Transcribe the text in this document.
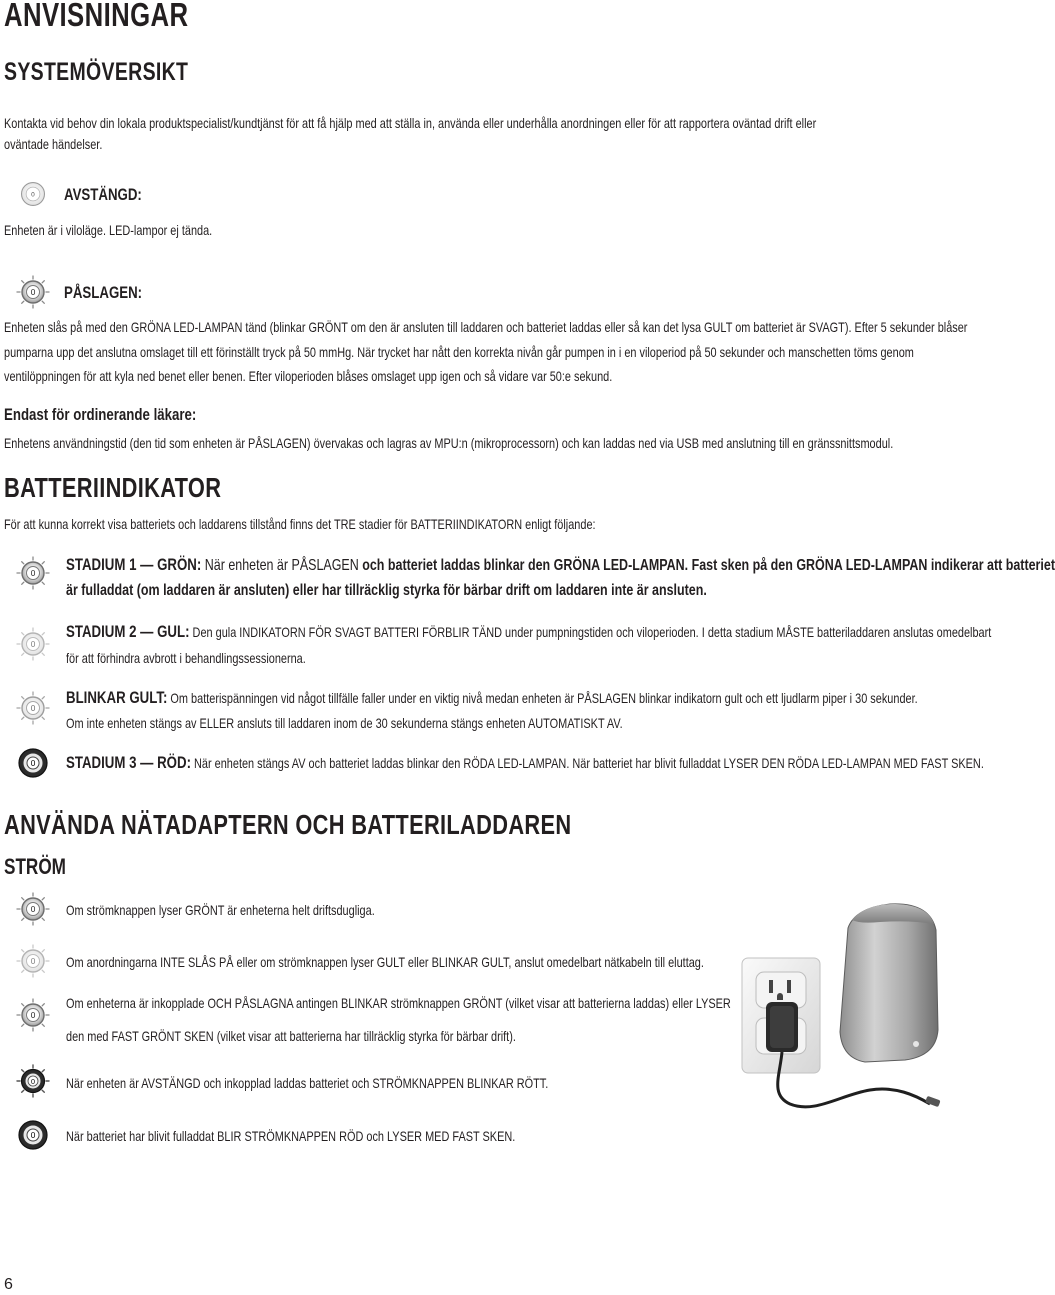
ANVISNINGAR
SYSTEMÖVERSIKT
Kontakta vid behov din lokala produktspecialist/kundtjänst för att få hjälp med att ställa in, använda eller underhålla anordningen eller för att rapportera oväntad drift eller
oväntade händelser.
0 AVSTÄNGD:
Enheten är i viloläge. LED-lampor ej tända.
0 PÅSLAGEN:
Enheten slås på med den GRÖNA LED-LAMPAN tänd (blinkar GRÖNT om den är ansluten till laddaren och batteriet laddas eller så kan det lysa GULT om batteriet är SVAGT). Efter 5 sekunder blåser
pumparna upp det anslutna omslaget till ett förinställt tryck på 50 mmHg. När trycket har nått den korrekta nivån går pumpen in i en viloperiod på 50 sekunder och manschetten töms genom
ventilöppningen för att kyla ned benet eller benen. Efter viloperioden blåses omslaget upp igen och så vidare var 50:e sekund.
Endast för ordinerande läkare:
Enhetens användningstid (den tid som enheten är PÅSLAGEN) övervakas och lagras av MPU:n (mikroprocessorn) och kan laddas ned via USB med anslutning till en gränssnittsmodul.
BATTERIINDIKATOR
För att kunna korrekt visa batteriets och laddarens tillstånd finns det TRE stadier för BATTERIINDIKATORN enligt följande:
0 STADIUM 1 — GRÖN: När enheten är PÅSLAGEN och batteriet laddas blinkar den GRÖNA LED-LAMPAN. Fast sken på den GRÖNA LED-LAMPAN indikerar att batteriet
är fulladdat (om laddaren är ansluten) eller har tillräcklig styrka för bärbar drift om laddaren inte är ansluten.
0
STADIUM 2 — GUL: Den gula INDIKATORN FÖR SVAGT BATTERI FÖRBLIR TÄND under pumpningstiden och viloperioden. I detta stadium MÅSTE batteriladdaren anslutas omedelbart
för att förhindra avbrott i behandlingssessionerna.
0
BLINKAR GULT: Om batterispänningen vid något tillfälle faller under en viktig nivå medan enheten är PÅSLAGEN blinkar indikatorn gult och ett ljudlarm piper i 30 sekunder.
Om inte enheten stängs av ELLER ansluts till laddaren inom de 30 sekunderna stängs enheten AUTOMATISKT AV.
0 STADIUM 3 — RÖD: När enheten stängs AV och batteriet laddas blinkar den RÖDA LED-LAMPAN. När batteriet har blivit fulladdat LYSER DEN RÖDA LED-LAMPAN MED FAST SKEN.
ANVÄNDA NÄTADAPTERN OCH BATTERILADDAREN
STRÖM
0 Om strömknappen lyser GRÖNT är enheterna helt driftsdugliga.
0 Om anordningarna INTE SLÅS PÅ eller om strömknappen lyser GULT eller BLINKAR GULT, anslut omedelbart nätkabeln till eluttag.
0
Om enheterna är inkopplade OCH PÅSLAGNA antingen BLINKAR strömknappen GRÖNT (vilket visar att batterierna laddas) eller LYSER
den med FAST GRÖNT SKEN (vilket visar att batterierna har tillräcklig styrka för bärbar drift).
0 När enheten är AVSTÄNGD och inkopplad laddas batteriet och STRÖMKNAPPEN BLINKAR RÖTT.
0 När batteriet har blivit fulladdat BLIR STRÖMKNAPPEN RÖD och LYSER MED FAST SKEN.
6
